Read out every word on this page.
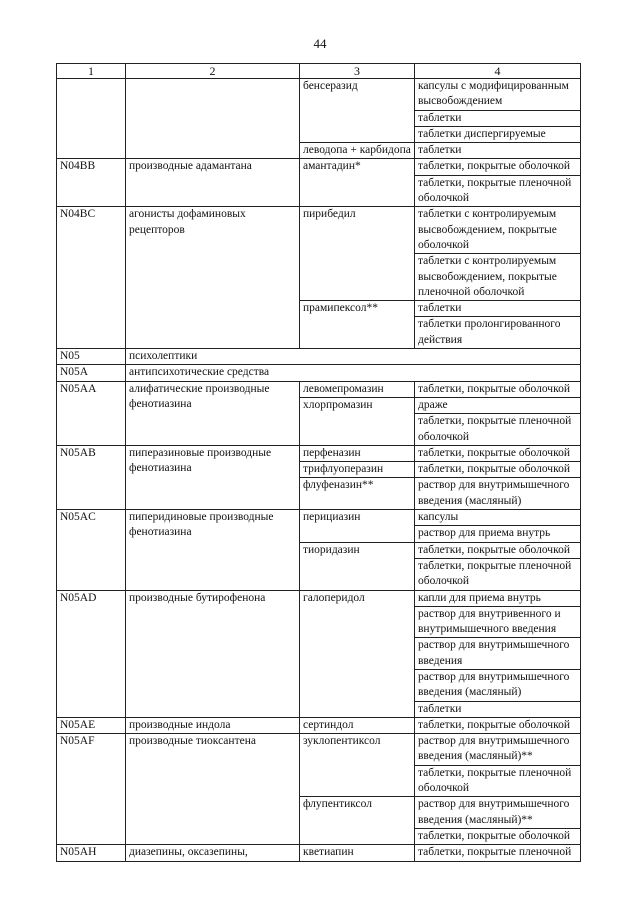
44
1	2	3	4
		бенсеразид	капсулы с модифицированным высвобождением
			таблетки
			таблетки диспергируемые
		леводопа + карбидопа	таблетки
N04BB	производные адамантана	амантадин*	таблетки, покрытые оболочкой
			таблетки, покрытые пленочной оболочкой
N04BC	агонисты дофаминовых рецепторов	пирибедил	таблетки с контролируемым высвобождением, покрытые оболочкой
			таблетки с контролируемым высвобождением, покрытые пленочной оболочкой
		прамипексол**	таблетки
			таблетки пролонгированного действия
N05	психолептики		
N05A	антипсихотические средства		
N05AA	алифатические производные фенотиазина	левомепромазин	таблетки, покрытые оболочкой
		хлорпромазин	драже
			таблетки, покрытые пленочной оболочкой
N05AB	пиперазиновые производные фенотиазина	перфеназин	таблетки, покрытые оболочкой
		трифлуоперазин	таблетки, покрытые оболочкой
		флуфеназин**	раствор для внутримышечного введения (масляный)
N05AC	пиперидиновые производные фенотиазина	перициазин	капсулы
			раствор для приема внутрь
		тиоридазин	таблетки, покрытые оболочкой
			таблетки, покрытые пленочной оболочкой
N05AD	производные бутирофенона	галоперидол	капли для приема внутрь
			раствор для внутривенного и внутримышечного введения
			раствор для внутримышечного введения
			раствор для внутримышечного введения (масляный)
			таблетки
N05AE	производные индола	сертиндол	таблетки, покрытые оболочкой
N05AF	производные тиоксантена	зуклопентиксол	раствор для внутримышечного введения (масляный)**
			таблетки, покрытые пленочной оболочкой
		флупентиксол	раствор для внутримышечного введения (масляный)**
			таблетки, покрытые оболочкой
N05AH	диазепины, оксазепины,	кветиапин	таблетки, покрытые пленочной
